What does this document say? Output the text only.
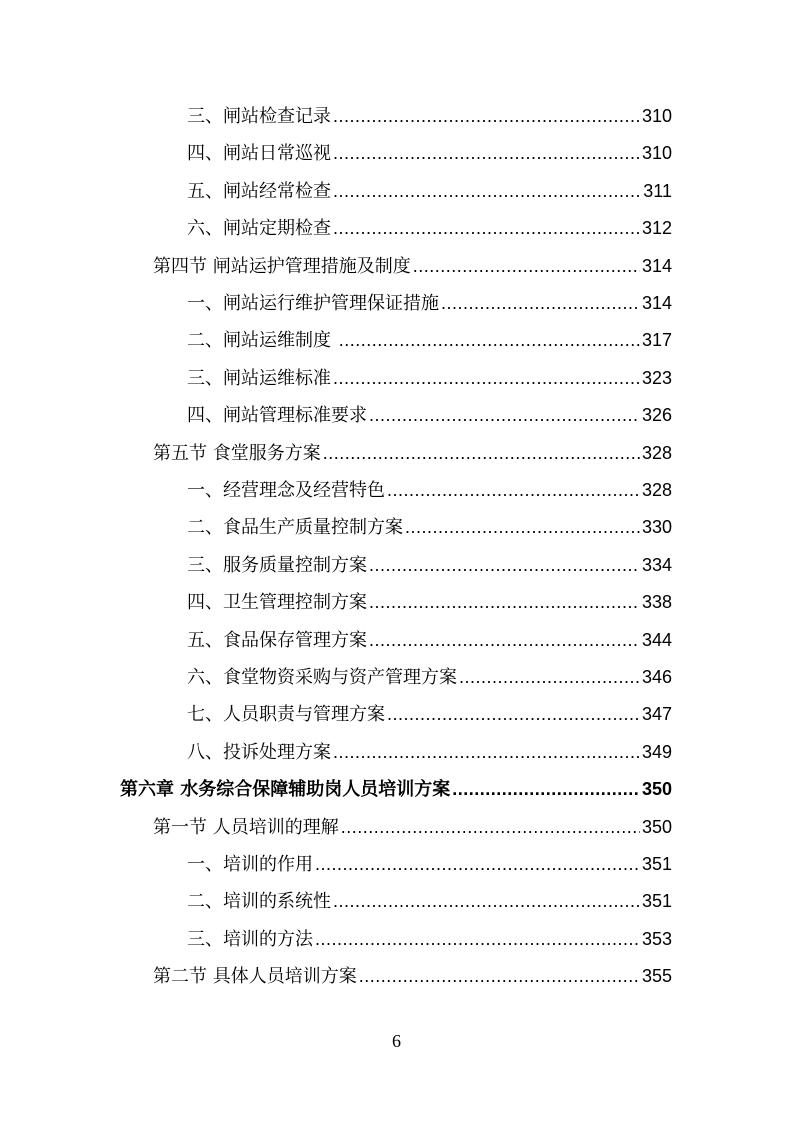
三、闸站检查记录 .....	310
四、闸站日常巡视 .....	310
五、闸站经常检查 .....	311
六、闸站定期检查 .....	312
第四节 闸站运护管理措施及制度 .....	314
一、闸站运行维护管理保证措施 .....	314
二、闸站运维制度 .....	317
三、闸站运维标准 .....	323
四、闸站管理标准要求 .....	326
第五节 食堂服务方案 .....	328
一、经营理念及经营特色 .....	328
二、食品生产质量控制方案 .....	330
三、服务质量控制方案 .....	334
四、卫生管理控制方案 .....	338
五、食品保存管理方案 .....	344
六、食堂物资采购与资产管理方案 .....	346
七、人员职责与管理方案 .....	347
八、投诉处理方案 .....	349
第六章 水务综合保障辅助岗人员培训方案 .....	350
第一节 人员培训的理解 .....	350
一、培训的作用 .....	351
二、培训的系统性 .....	351
三、培训的方法 .....	353
第二节 具体人员培训方案 .....	355
6
